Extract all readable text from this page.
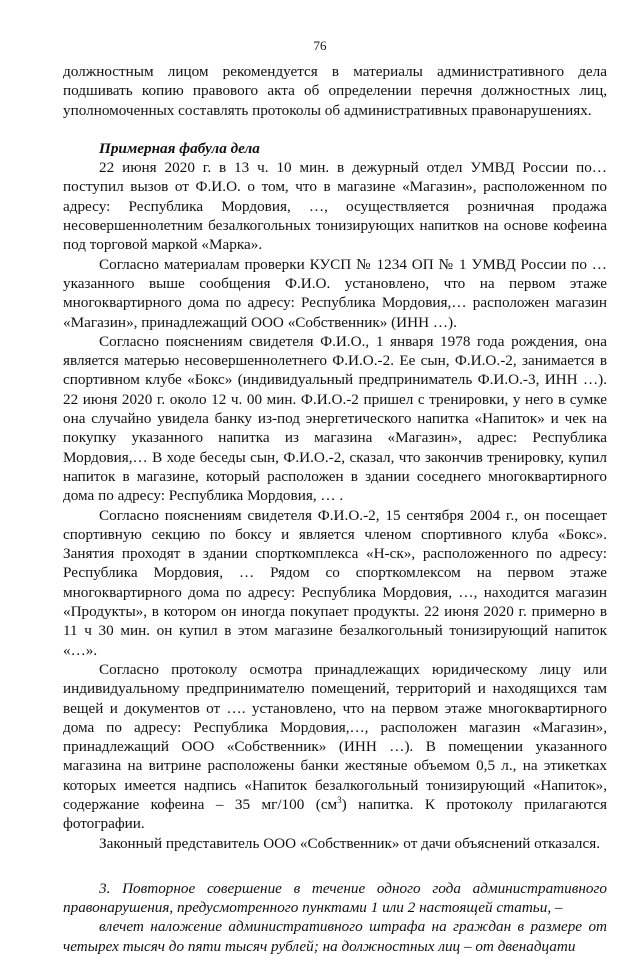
76

должностным лицом рекомендуется в материалы административного дела подшивать копию правового акта об определении перечня должностных лиц, уполномоченных составлять протоколы об административных правонарушениях.

Примерная фабула дела

22 июня 2020 г. в 13 ч. 10 мин. в дежурный отдел УМВД России по… поступил вызов от Ф.И.О. о том, что в магазине «Магазин», расположенном по адресу: Республика Мордовия, …, осуществляется розничная продажа несовершеннолетним безалкогольных тонизирующих напитков на основе кофеина под торговой маркой «Марка».

Согласно материалам проверки КУСП № 1234 ОП № 1 УМВД России по … указанного выше сообщения Ф.И.О. установлено, что на первом этаже многоквартирного дома по адресу: Республика Мордовия,… расположен магазин «Магазин», принадлежащий ООО «Собственник» (ИНН …).

Согласно пояснениям свидетеля Ф.И.О., 1 января 1978 года рождения, она является матерью несовершеннолетнего Ф.И.О.-2. Ее сын, Ф.И.О.-2, занимается в спортивном клубе «Бокс» (индивидуальный предприниматель Ф.И.О.-3, ИНН …). 22 июня 2020 г. около 12 ч. 00 мин. Ф.И.О.-2 пришел с тренировки, у него в сумке она случайно увидела банку из-под энергетического напитка «Напиток» и чек на покупку указанного напитка из магазина «Магазин», адрес: Республика Мордовия,… В ходе беседы сын, Ф.И.О.-2, сказал, что закончив тренировку, купил напиток в магазине, который расположен в здании соседнего многоквартирного дома по адресу: Республика Мордовия, … .

Согласно пояснениям свидетеля Ф.И.О.-2, 15 сентября 2004 г., он посещает спортивную секцию по боксу и является членом спортивного клуба «Бокс». Занятия проходят в здании спорткомплекса «Н-ск», расположенного по адресу: Республика Мордовия, … Рядом со спорткомлексом на первом этаже многоквартирного дома по адресу: Республика Мордовия, …, находится магазин «Продукты», в котором он иногда покупает продукты. 22 июня 2020 г. примерно в 11 ч 30 мин. он купил в этом магазине безалкогольный тонизирующий напиток «…».

Согласно протоколу осмотра принадлежащих юридическому лицу или индивидуальному предпринимателю помещений, территорий и находящихся там вещей и документов от …. установлено, что на первом этаже многоквартирного дома по адресу: Республика Мордовия,…, расположен магазин «Магазин», принадлежащий ООО «Собственник» (ИНН …). В помещении указанного магазина на витрине расположены банки жестяные объемом 0,5 л., на этикетках которых имеется надпись «Напиток безалкогольный тонизирующий «Напиток», содержание кофеина – 35 мг/100 $(см^3)$ напитка. К протоколу прилагаются фотографии.

Законный представитель ООО «Собственник» от дачи объяснений отказался.

3. Повторное совершение в течение одного года административного правонарушения, предусмотренного пунктами 1 или 2 настоящей статьи, –

влечет наложение административного штрафа на граждан в размере от четырех тысяч до пяти тысяч рублей; на должностных лиц – от двенадцати
